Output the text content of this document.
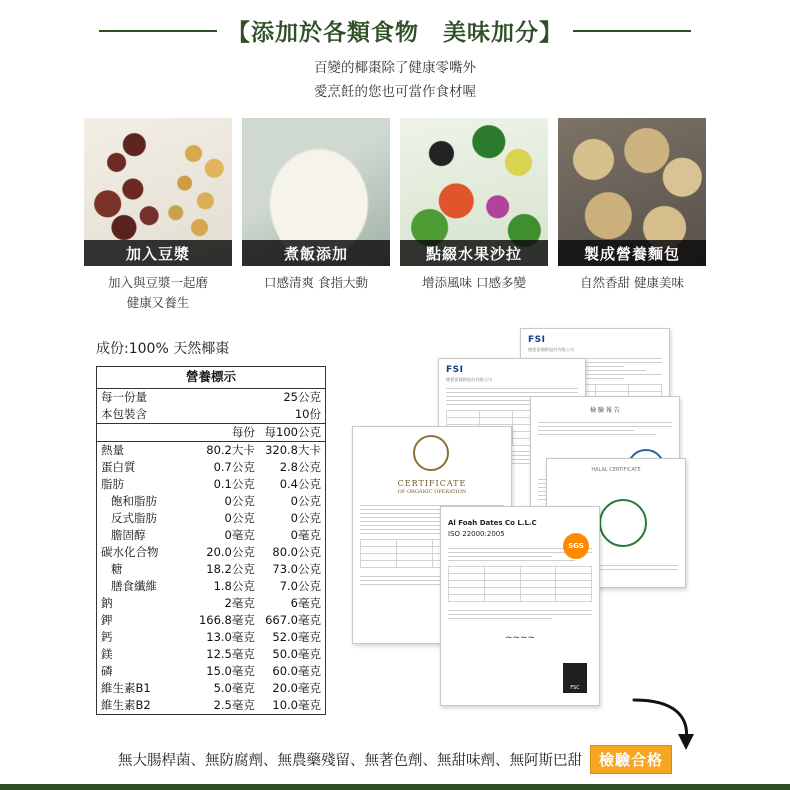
【添加於各類食物　美味加分】
百變的椰棗除了健康零嘴外
愛烹飪的您也可當作食材喔
加入豆漿
加入與豆漿一起磨
健康又養生
煮飯添加
口感清爽 食指大動
點綴水果沙拉
增添風味 口感多變
製成營養麵包
自然香甜 健康美味
成份:100% 天然椰棗
營養標示		
每一份量		25公克
本包裝含		10份
	每份	每100公克
熱量	80.2大卡	320.8大卡
蛋白質	0.7公克	2.8公克
脂肪	0.1公克	0.4公克
飽和脂肪	0公克	0公克
反式脂肪	0公克	0公克
膽固醇	0毫克	0毫克
碳水化合物	20.0公克	80.0公克
糖	18.2公克	73.0公克
膳食纖維	1.8公克	7.0公克
鈉	2毫克	6毫克
鉀	166.8毫克	667.0毫克
鈣	13.0毫克	52.0毫克
鎂	12.5毫克	50.0毫克
磷	15.0毫克	60.0毫克
維生素B1	5.0毫克	20.0毫克
維生素B2	2.5毫克	10.0毫克
FSI
德恩嘉國際股份有限公司
FSI
德恩嘉國際股份有限公司
檢 驗 報 告
HALAL CERTIFICATE
CERTIFICATE
OF ORGANIC OPERATION
Al Foah Dates Co L.L.C
ISO 22000:2005
SGS
~~~~
FSC
無大腸桿菌、無防腐劑、無農藥殘留、無著色劑、無甜味劑、無阿斯巴甜	檢驗合格
